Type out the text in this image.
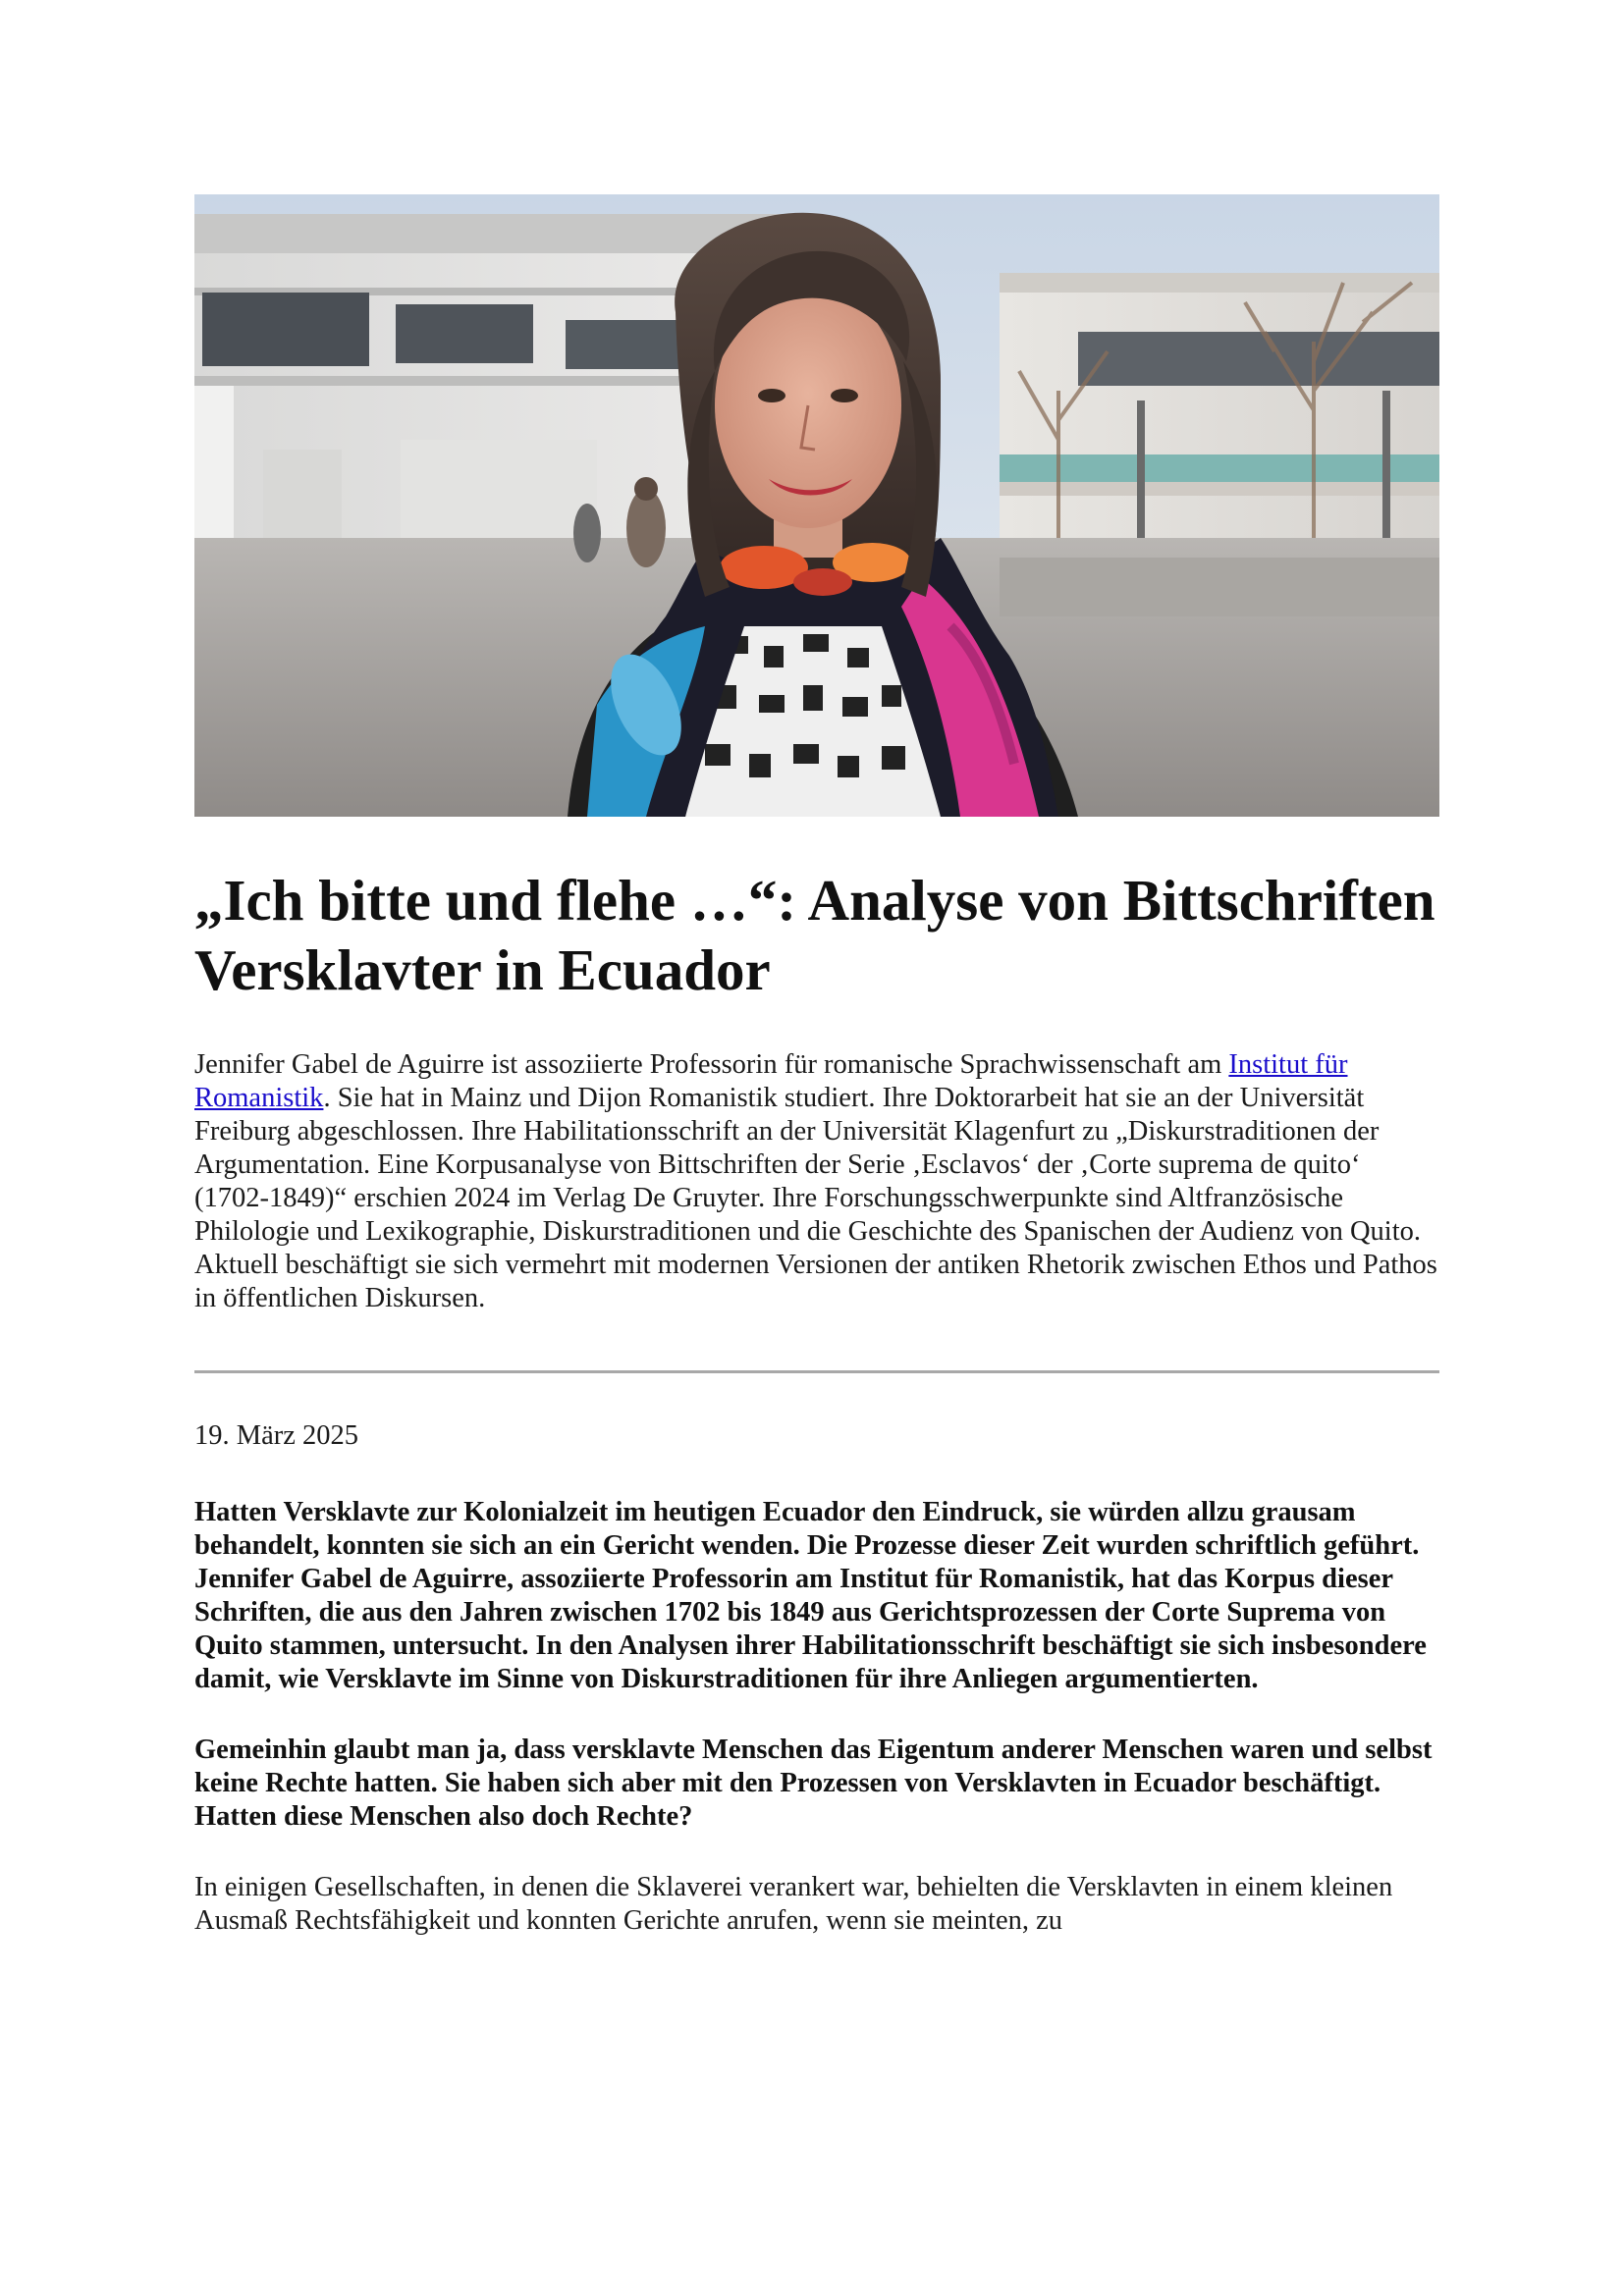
„Ich bitte und flehe …“: Analyse von Bittschriften Versklavter in Ecuador

Jennifer Gabel de Aguirre ist assoziierte Professorin für romanische Sprachwissenschaft am Institut für Romanistik. Sie hat in Mainz und Dijon Romanistik studiert. Ihre Doktorarbeit hat sie an der Universität Freiburg abgeschlossen. Ihre Habilitationsschrift an der Universität Klagenfurt zu „Diskurstraditionen der Argumentation. Eine Korpusanalyse von Bittschriften der Serie ‚Esclavos‘ der ‚Corte suprema de quito‘ (1702-1849)“ erschien 2024 im Verlag De Gruyter. Ihre Forschungsschwerpunkte sind Altfranzösische Philologie und Lexikographie, Diskurstraditionen und die Geschichte des Spanischen der Audienz von Quito. Aktuell beschäftigt sie sich vermehrt mit modernen Versionen der antiken Rhetorik zwischen Ethos und Pathos in öffentlichen Diskursen.

19. März 2025

Hatten Versklavte zur Kolonialzeit im heutigen Ecuador den Eindruck, sie würden allzu grausam behandelt, konnten sie sich an ein Gericht wenden. Die Prozesse dieser Zeit wurden schriftlich geführt. Jennifer Gabel de Aguirre, assoziierte Professorin am Institut für Romanistik, hat das Korpus dieser Schriften, die aus den Jahren zwischen 1702 bis 1849 aus Gerichtsprozessen der Corte Suprema von Quito stammen, untersucht. In den Analysen ihrer Habilitationsschrift beschäftigt sie sich insbesondere damit, wie Versklavte im Sinne von Diskurstraditionen für ihre Anliegen argumentierten.

Gemeinhin glaubt man ja, dass versklavte Menschen das Eigentum anderer Menschen waren und selbst keine Rechte hatten. Sie haben sich aber mit den Prozessen von Versklavten in Ecuador beschäftigt. Hatten diese Menschen also doch Rechte?

In einigen Gesellschaften, in denen die Sklaverei verankert war, behielten die Versklavten in einem kleinen Ausmaß Rechtsfähigkeit und konnten Gerichte anrufen, wenn sie meinten, zu
